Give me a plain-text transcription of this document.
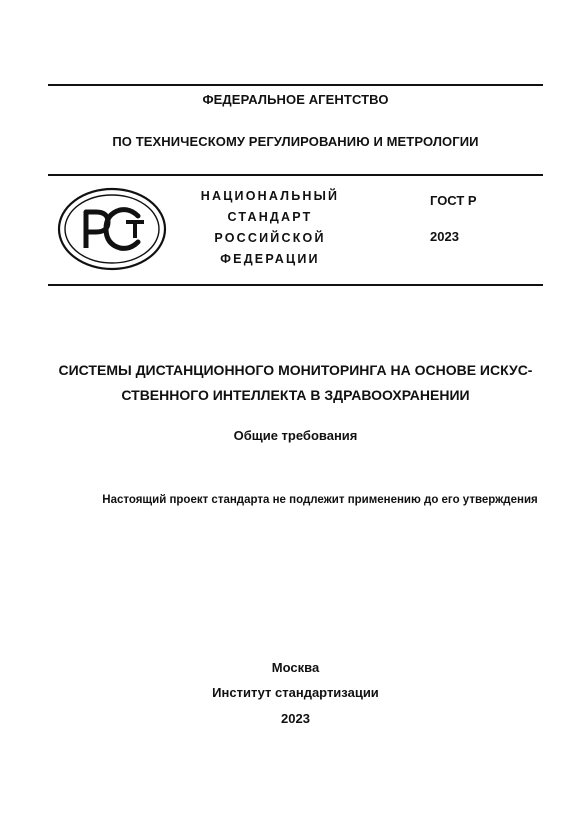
ФЕДЕРАЛЬНОЕ АГЕНТСТВО
ПО ТЕХНИЧЕСКОМУ РЕГУЛИРОВАНИЮ И МЕТРОЛОГИИ
НАЦИОНАЛЬНЫЙ
СТАНДАРТ
РОССИЙСКОЙ
ФЕДЕРАЦИИ
ГОСТ Р
2023
СИСТЕМЫ ДИСТАНЦИОННОГО МОНИТОРИНГА НА ОСНОВЕ ИСКУС-
СТВЕННОГО ИНТЕЛЛЕКТА В ЗДРАВООХРАНЕНИИ
Общие требования
Настоящий проект стандарта не подлежит применению до его утверждения
Москва
Институт стандартизации
2023
